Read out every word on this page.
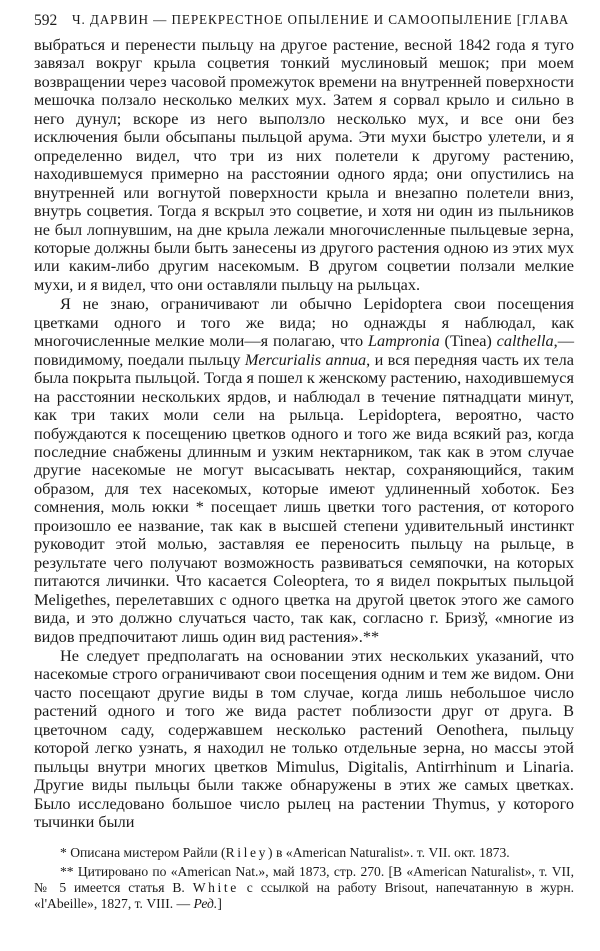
592 Ч. ДАРВИН — ПЕРЕКРЕСТНОЕ ОПЫЛЕНИЕ И САМООПЫЛЕНИЕ [ГЛАВА

выбраться и перенести пыльцу на другое растение, весной 1842 года я туго завязал вокруг крыла соцветия тонкий муслиновый мешок; при моем возвращении через часовой промежуток времени на внутренней поверхности мешочка ползало несколько мелких мух. Затем я сорвал крыло и сильно в него дунул; вскоре из него выползло несколько мух, и все они без исключения были обсыпаны пыльцой арума. Эти мухи быстро улетели, и я определенно видел, что три из них полетели к другому растению, находившемуся примерно на расстоянии одного ярда; они опустились на внутренней или вогнутой поверхности крыла и внезапно полетели вниз, внутрь соцветия. Тогда я вскрыл это соцветие, и хотя ни один из пыльников не был лопнувшим, на дне крыла лежали многочисленные пыльцевые зерна, которые должны были быть занесены из другого растения одною из этих мух или каким-либо другим насекомым. В другом соцветии ползали мелкие мухи, и я видел, что они оставляли пыльцу на рыльцах.

Я не знаю, ограничивают ли обычно Lepidoptera свои посещения цветками одного и того же вида; но однажды я наблюдал, как многочисленные мелкие моли—я полагаю, что Lampronia (Tinea) calthella,— повидимому, поедали пыльцу Mercurialis annua, и вся передняя часть их тела была покрыта пыльцой. Тогда я пошел к женскому растению, находившемуся на расстоянии нескольких ярдов, и наблюдал в течение пятнадцати минут, как три таких моли сели на рыльца. Lepidoptera, вероятно, часто побуждаются к посещению цветков одного и того же вида всякий раз, когда последние снабжены длинным и узким нектарником, так как в этом случае другие насекомые не могут высасывать нектар, сохраняющийся, таким образом, для тех насекомых, которые имеют удлиненный хоботок. Без сомнения, моль юкки * посещает лишь цветки того растения, от которого произошло ее название, так как в высшей степени удивительный инстинкт руководит этой молью, заставляя ее переносить пыльцу на рыльце, в результате чего получают возможность развиваться семяпочки, на которых питаются личинки. Что касается Coleoptera, то я видел покрытых пыльцой Meligethes, перелетавших с одного цветка на другой цветок этого же самого вида, и это должно случаться часто, так как, согласно г. Бризў, «многие из видов предпочитают лишь один вид растения».**

Не следует предполагать на основании этих нескольких указаний, что насекомые строго ограничивают свои посещения одним и тем же видом. Они часто посещают другие виды в том случае, когда лишь небольшое число растений одного и того же вида растет поблизости друг от друга. В цветочном саду, содержавшем несколько растений Oenothera, пыльцу которой легко узнать, я находил не только отдельные зерна, но массы этой пыльцы внутри многих цветков Mimulus, Digitalis, Antirrhinum и Linaria. Другие виды пыльцы были также обнаружены в этих же самых цветках. Было исследовано большое число рылец на растении Thymus, у которого тычинки были

* Описана мистером Райли (Riley) в «American Naturalist». т. VII. окт. 1873.

** Цитировано по «American Nat.», май 1873, стр. 270. [В «American Naturalist», т. VII, № 5 имеется статья В. White с ссылкой на работу Brisout, напечатанную в журн. «l'Abeille», 1827, т. VIII. — Ред.]
